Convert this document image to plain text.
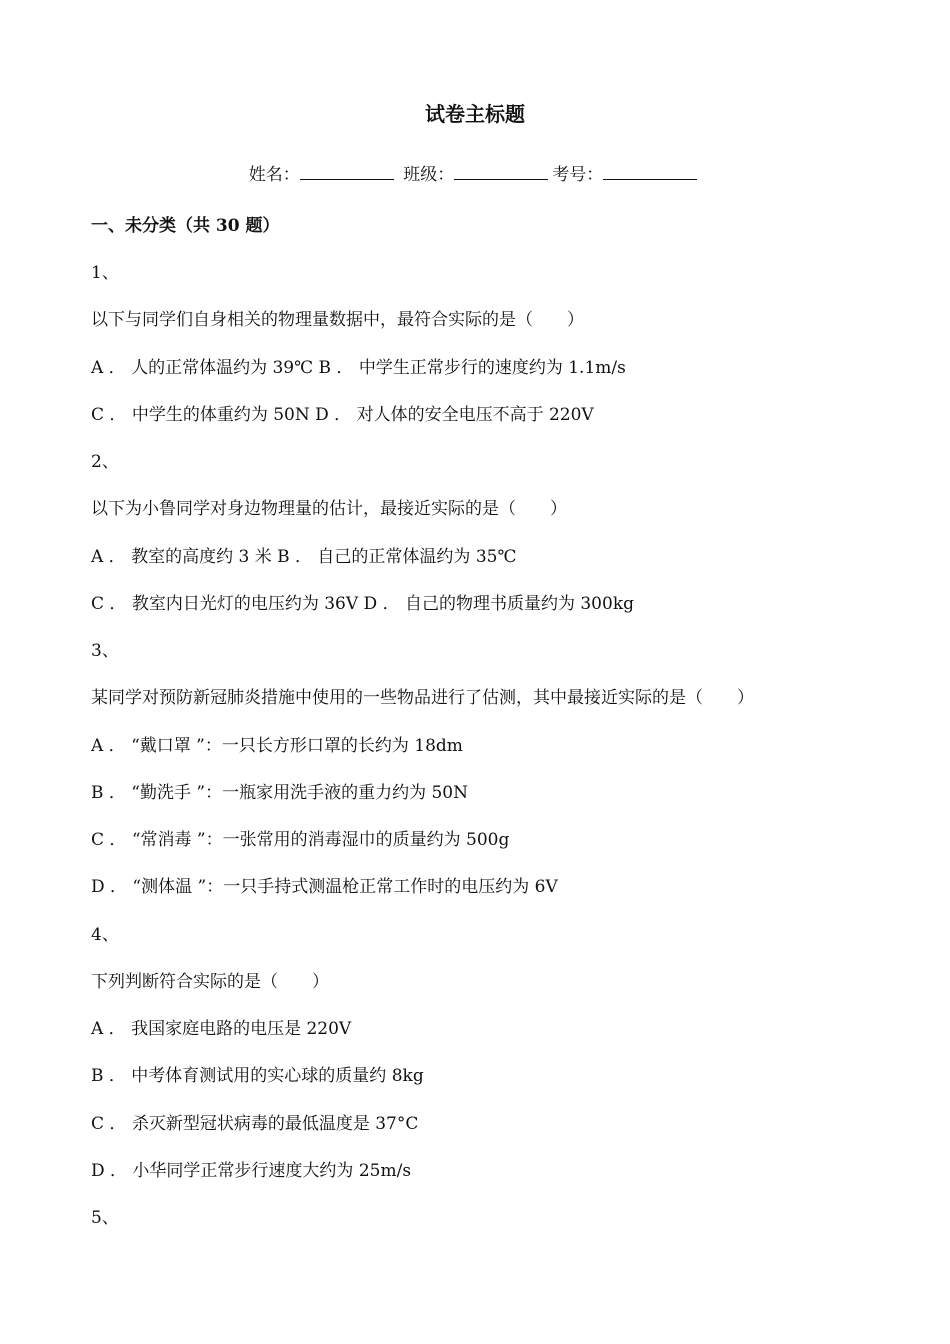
试卷主标题
姓名：	班级：	考号：
一、未分类（共 30 题）
1、
以下与同学们自身相关的物理量数据中，最符合实际的是（　　）
A ． 人的正常体温约为 39℃ B ． 中学生正常步行的速度约为 1.1m/s
C ． 中学生的体重约为 50N D ． 对人体的安全电压不高于 220V
2、
以下为小鲁同学对身边物理量的估计，最接近实际的是（　　）
A ． 教室的高度约 3 米 B ． 自己的正常体温约为 35℃
C ． 教室内日光灯的电压约为 36V D ． 自己的物理书质量约为 300kg
3、
某同学对预防新冠肺炎措施中使用的一些物品进行了估测，其中最接近实际的是（　　）
A ． “戴口罩 ”：一只长方形口罩的长约为 18dm
B ． “勤洗手 ”：一瓶家用洗手液的重力约为 50N
C ． “常消毒 ”：一张常用的消毒湿巾的质量约为 500g
D ． “测体温 ”：一只手持式测温枪正常工作时的电压约为 6V
4、
下列判断符合实际的是（　　）
A ． 我国家庭电路的电压是 220V
B ． 中考体育测试用的实心球的质量约 8kg
C ． 杀灭新型冠状病毒的最低温度是 37°C
D ． 小华同学正常步行速度大约为 25m/s
5、
